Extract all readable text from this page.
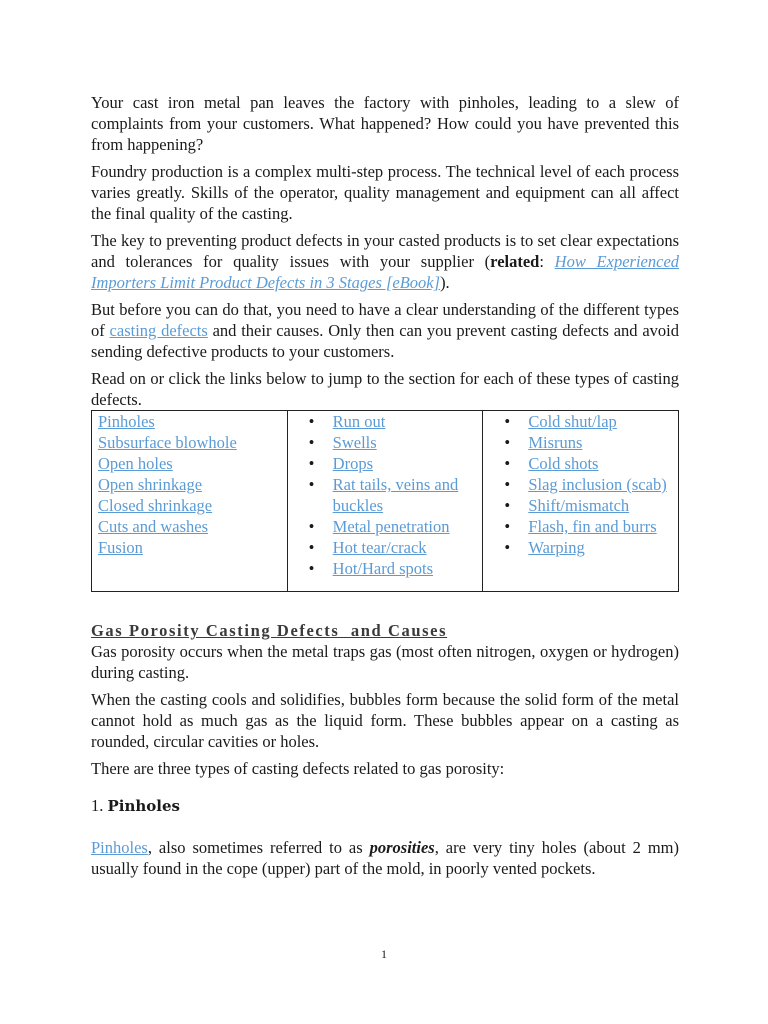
Your cast iron metal pan leaves the factory with pinholes, leading to a slew of complaints from your customers. What happened? How could you have prevented this from happening?

Foundry production is a complex multi-step process. The technical level of each process varies greatly. Skills of the operator, quality management and equipment can all affect the final quality of the casting.

The key to preventing product defects in your casted products is to set clear expectations and tolerances for quality issues with your supplier (related: How Experienced Importers Limit Product Defects in 3 Stages [eBook]).

But before you can do that, you need to have a clear understanding of the different types of casting defects and their causes. Only then can you prevent casting defects and avoid sending defective products to your customers.

Read on or click the links below to jump to the section for each of these types of casting defects.

Pinholes
Subsurface blowhole
Open holes
Open shrinkage
Closed shrinkage
Cuts and washes
Fusion

• Run out
• Swells
• Drops
• Rat tails, veins and buckles
• Metal penetration
• Hot tear/crack
• Hot/Hard spots

• Cold shut/lap
• Misruns
• Cold shots
• Slag inclusion (scab)
• Shift/mismatch
• Flash, fin and burrs
• Warping
Gas Porosity Casting Defects  and Causes

Gas porosity occurs when the metal traps gas (most often nitrogen, oxygen or hydrogen) during casting.

When the casting cools and solidifies, bubbles form because the solid form of the metal cannot hold as much gas as the liquid form. These bubbles appear on a casting as rounded, circular cavities or holes.

There are three types of casting defects related to gas porosity:

1. Pinholes

Pinholes, also sometimes referred to as porosities, are very tiny holes (about 2 mm) usually found in the cope (upper) part of the mold, in poorly vented pockets.

1
